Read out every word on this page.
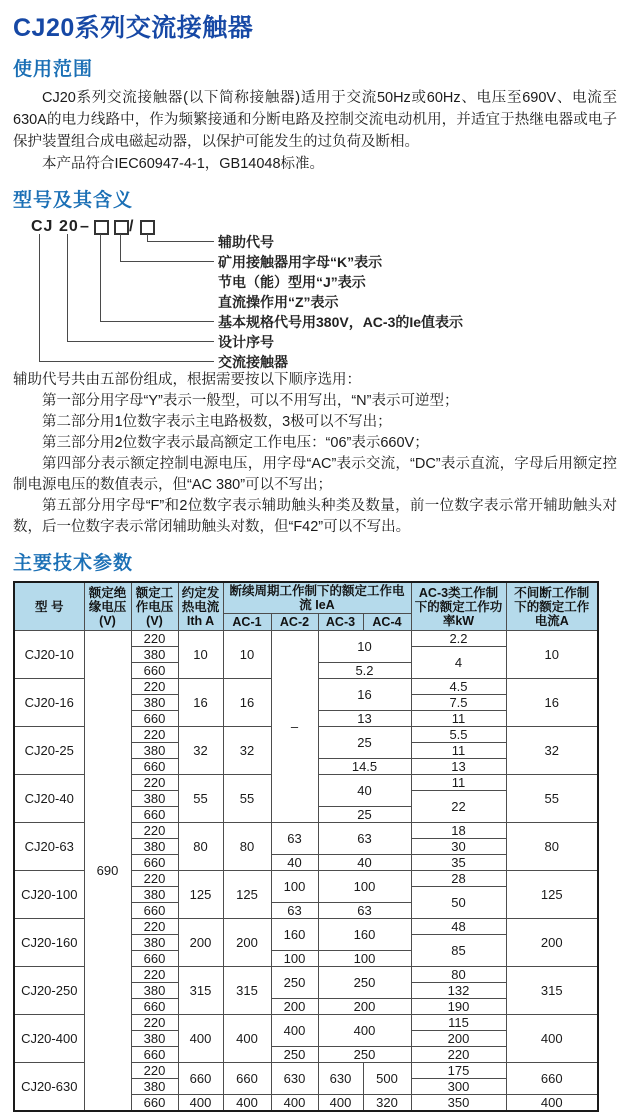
CJ20系列交流接触器
使用范围

CJ20系列交流接触器(以下简称接触器)适用于交流50Hz或60Hz、电压至690V、电流至630A的电力线路中，作为频繁接通和分断电路及控制交流电动机用，并适宜于热继电器或电子保护装置组合成电磁起动器，以保护可能发生的过负荷及断相。

本产品符合IEC60947-4-1，GB14048标准。

型号及其含义
CJ 20 – /
辅助代号
矿用接触器用字母“K”表示
节电（能）型用“J”表示
直流操作用“Z”表示
基本规格代号用380V，AC-3的Ie值表示
设计序号
交流接触器

辅助代号共由五部份组成，根据需要按以下顺序选用：

第一部分用字母“Y”表示一般型，可以不用写出，“N”表示可逆型；

第二部分用1位数字表示主电路极数，3极可以不写出；

第三部分用2位数字表示最高额定工作电压：“06”表示660V；

第四部分表示额定控制电源电压，用字母“AC”表示交流，“DC”表示直流，字母后用额定控制电源电压的数值表示，但“AC 380”可以不写出；

第五部分用字母“F”和2位数字表示辅助触头种类及数量，前一位数字表示常开辅助触头对数，后一位数字表示常闭辅助触头对数，但“F42”可以不写出。

主要技术参数
型 号	额定绝缘电压(V)	额定工作电压(V)	约定发热电流 Ith A	断续周期工作制下的额定工作电流 IeA				AC-3类工作制下的额定工作功率kW	不间断工作制下的额定工作电流A
				AC-1	AC-2	AC-3	AC-4		
CJ20-10	690	220	10	10	–	10		2.2	10
		380						4	
		660				5.2			
CJ20-16		220	16	16		16		4.5	16
		380						7.5	
		660				13		11	
CJ20-25		220	32	32		25		5.5	32
		380						11	
		660				14.5		13	
CJ20-40		220	55	55		40		11	55
		380						22	
		660				25			
CJ20-63		220	80	80	63	63		18	80
		380						30	
		660			40	40		35	
CJ20-100		220	125	125	100	100		28	125
		380						50	
		660			63	63			
CJ20-160		220	200	200	160	160		48	200
		380						85	
		660			100	100			
CJ20-250		220	315	315	250	250		80	315
		380						132	
		660			200	200		190	
CJ20-400		220	400	400	400	400		115	400
		380						200	
		660			250	250		220	
CJ20-630		220	660	660	630	630	500	175	660
		380						300	
		660	400	400	400	400	320	350	400
